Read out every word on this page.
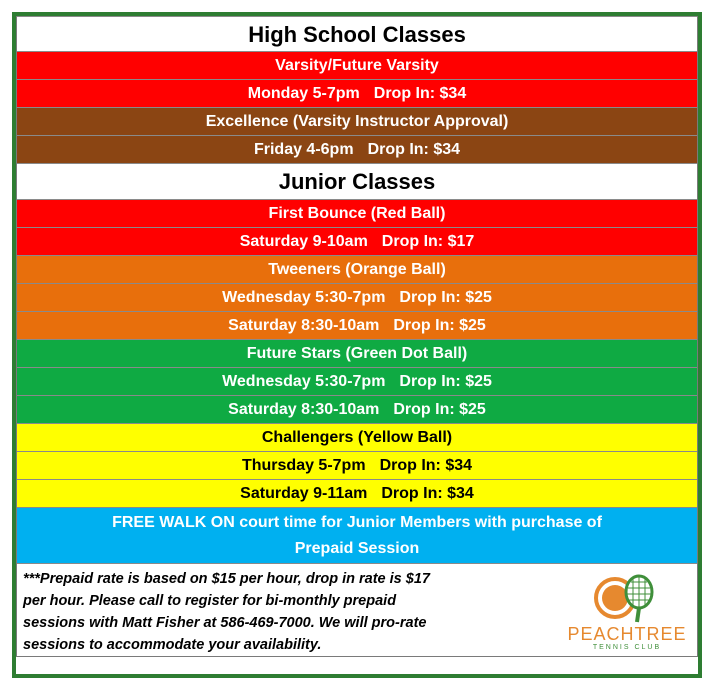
High School Classes
Varsity/Future Varsity
Monday 5-7pm Drop In: $34
Excellence (Varsity Instructor Approval)
Friday 4-6pm Drop In: $34
Junior Classes
First Bounce (Red Ball)
Saturday 9-10am Drop In: $17
Tweeners (Orange Ball)
Wednesday 5:30-7pm Drop In: $25
Saturday 8:30-10am Drop In: $25
Future Stars (Green Dot Ball)
Wednesday 5:30-7pm Drop In: $25
Saturday 8:30-10am Drop In: $25
Challengers (Yellow Ball)
Thursday 5-7pm Drop In: $34
Saturday 9-11am Drop In: $34
FREE WALK ON court time for Junior Members with purchase of
Prepaid Session
***Prepaid rate is based on $15 per hour, drop in rate is $17
per hour. Please call to register for bi-monthly prepaid
sessions with Matt Fisher at 586-469-7000. We will pro-rate
sessions to accommodate your availability.
PEACHTREE
TENNIS CLUB
